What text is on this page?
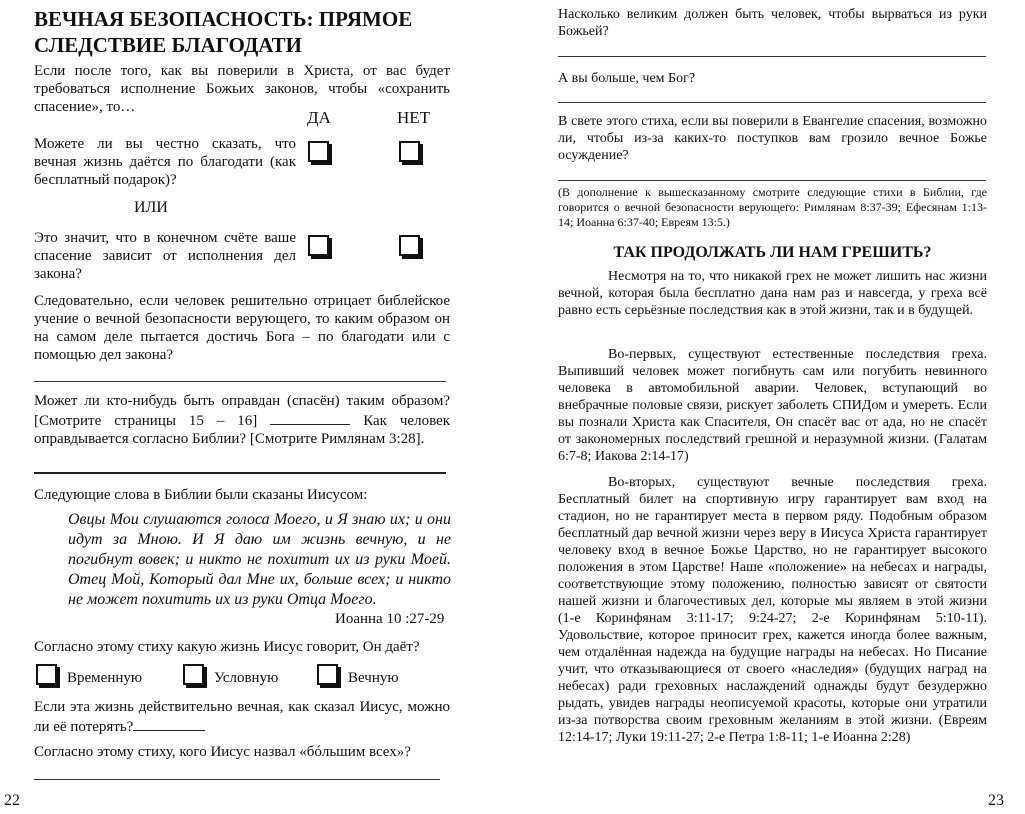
ВЕЧНАЯ БЕЗОПАСНОСТЬ: ПРЯМОЕ СЛЕДСТВИЕ БЛАГОДАТИ

Если после того, как вы поверили в Христа, от вас будет требоваться исполнение Божьих законов, чтобы «сохранить спасение», то…

ДА	НЕТ

Можете ли вы честно сказать, что вечная жизнь даётся по благодати (как бесплатный подарок)?

ИЛИ

Это значит, что в конечном счёте ваше спасение зависит от исполнения дел закона?

Следовательно, если человек решительно отрицает библейское учение о вечной безопасности верующего, то каким образом он на самом деле пытается достичь Бога – по благодати или с помощью дел закона?

Может ли кто-нибудь быть оправдан (спасён) таким образом? [Смотрите страницы 15 – 16]	Как человек оправдывается согласно Библии? [Смотрите Римлянам 3:28].

Следующие слова в Библии были сказаны Иисусом:

Овцы Мои слушаются голоса Моего, и Я знаю их; и они идут за Мною. И Я даю им жизнь вечную, и не погибнут вовек; и никто не похитит их из руки Моей. Отец Мой, Который дал Мне их, больше всех; и никто не может похитить их из руки Отца Моего.

Иоанна 10 :27-29

Согласно этому стиху какую жизнь Иисус говорит, Он даёт?

Временную	Условную	Вечную

Если эта жизнь действительно вечная, как сказал Иисус, можно ли её потерять?

Согласно этому стиху, кого Иисус назвал «бóльшим всех»?

22

Насколько великим должен быть человек, чтобы вырваться из руки Божьей?

А вы больше, чем Бог?

В свете этого стиха, если вы поверили в Евангелие спасения, возможно ли, чтобы из-за каких-то поступков вам грозило вечное Божье осуждение?

(В дополнение к вышесказанному смотрите следующие стихи в Библии, где говорится о вечной безопасности верующего: Римлянам 8:37-39; Ефесянам 1:13-14; Иоанна 6:37-40; Евреям 13:5.)

ТАК ПРОДОЛЖАТЬ ЛИ НАМ ГРЕШИТЬ?

Несмотря на то, что никакой грех не может лишить нас жизни вечной, которая была бесплатно дана нам раз и навсегда, у греха всё равно есть серьёзные последствия как в этой жизни, так и в будущей.

Во-первых, существуют естественные последствия греха. Выпивший человек может погибнуть сам или погубить невинного человека в автомобильной аварии. Человек, вступающий во внебрачные половые связи, рискует заболеть СПИДом и умереть. Если вы познали Христа как Спасителя, Он спасёт вас от ада, но не спасёт от закономерных последствий грешной и неразумной жизни. (Галатам 6:7-8; Иакова 2:14-17)

Во-вторых, существуют вечные последствия греха. Бесплатный билет на спортивную игру гарантирует вам вход на стадион, но не гарантирует места в первом ряду. Подобным образом бесплатный дар вечной жизни через веру в Иисуса Христа гарантирует человеку вход в вечное Божье Царство, но не гарантирует высокого положения в этом Царстве! Наше «положение» на небесах и награды, соответствующие этому положению, полностью зависят от святости нашей жизни и благочестивых дел, которые мы являем в этой жизни (1-е Коринфянам 3:11-17; 9:24-27; 2-е Коринфянам 5:10-11). Удовольствие, которое приносит грех, кажется иногда более важным, чем отдалённая надежда на будущие награды на небесах. Но Писание учит, что отказывающиеся от своего «наследия» (будущих наград на небесах) ради греховных наслаждений однажды будут безудержно рыдать, увидев награды неописуемой красоты, которые они утратили из-за потворства своим греховным желаниям в этой жизни. (Евреям 12:14-17; Луки 19:11-27; 2-е Петра 1:8-11; 1-е Иоанна 2:28)

23
